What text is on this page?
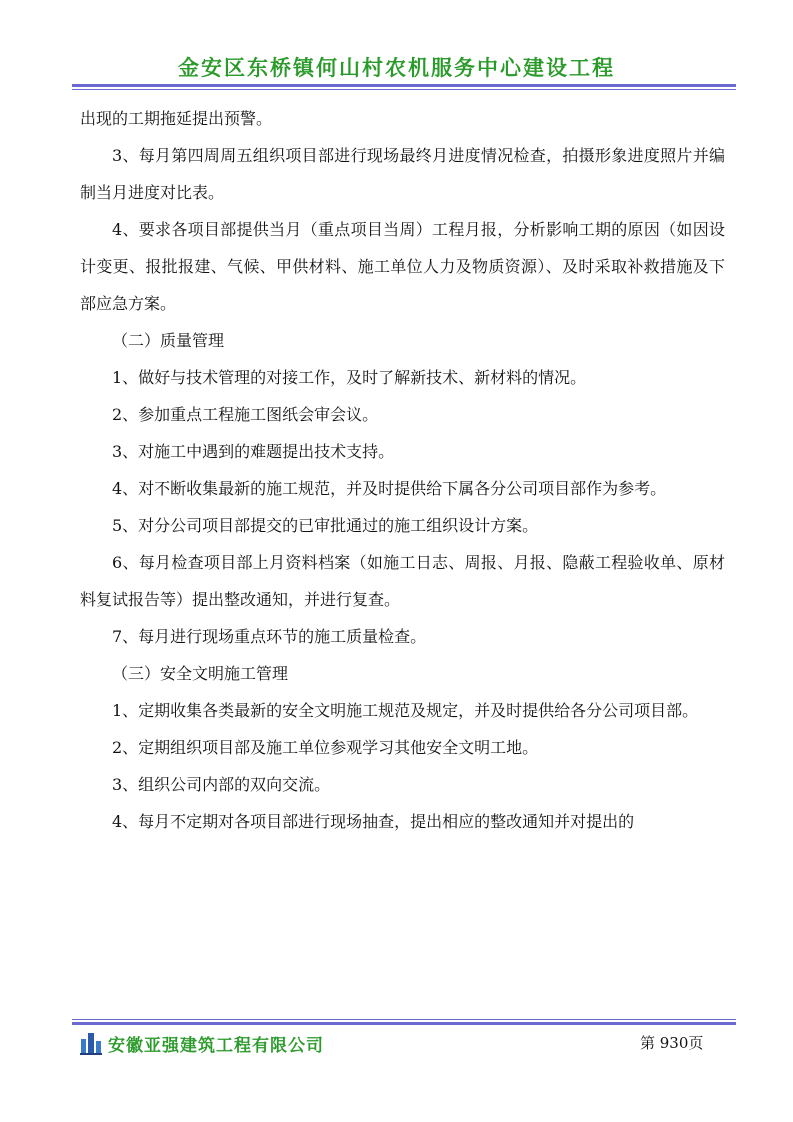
金安区东桥镇何山村农机服务中心建设工程

出现的工期拖延提出预警。

3、每月第四周周五组织项目部进行现场最终月进度情况检查，拍摄形象进度照片并编制当月进度对比表。

4、要求各项目部提供当月（重点项目当周）工程月报，分析影响工期的原因（如因设计变更、报批报建、气候、甲供材料、施工单位人力及物质资源）、及时采取补救措施及下部应急方案。

（二）质量管理

1、做好与技术管理的对接工作，及时了解新技术、新材料的情况。

2、参加重点工程施工图纸会审会议。

3、对施工中遇到的难题提出技术支持。

4、对不断收集最新的施工规范，并及时提供给下属各分公司项目部作为参考。

5、对分公司项目部提交的已审批通过的施工组织设计方案。

6、每月检查项目部上月资料档案（如施工日志、周报、月报、隐蔽工程验收单、原材料复试报告等）提出整改通知，并进行复查。

7、每月进行现场重点环节的施工质量检查。

（三）安全文明施工管理

1、定期收集各类最新的安全文明施工规范及规定，并及时提供给各分公司项目部。

2、定期组织项目部及施工单位参观学习其他安全文明工地。

3、组织公司内部的双向交流。

4、每月不定期对各项目部进行现场抽查，提出相应的整改通知并对提出的

安徽亚强建筑工程有限公司	第 930页
